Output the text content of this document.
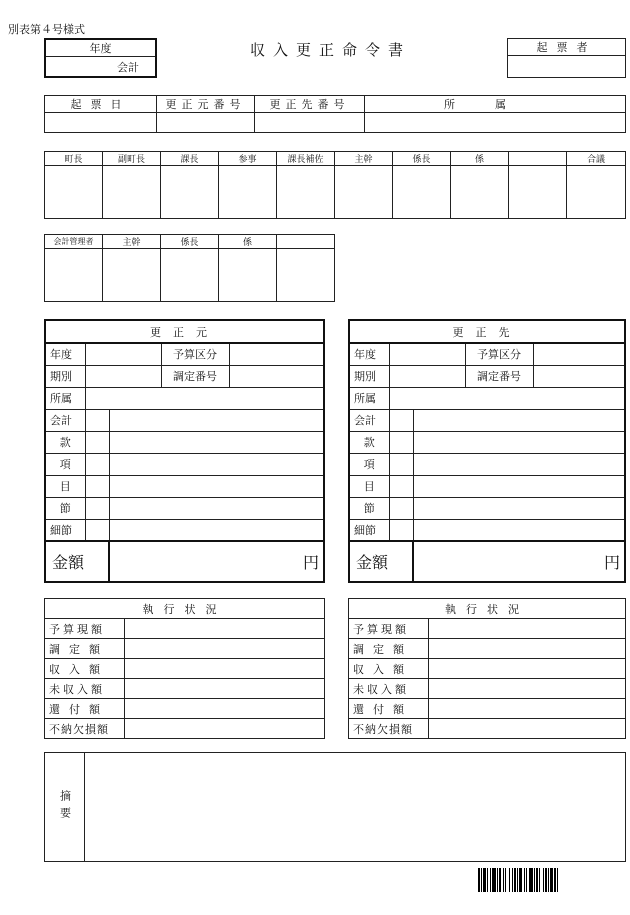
別表第４号様式
年度
会計
収入更正命令書	起票者

起票日	更正元番号	更正先番号	所属

町長	副町長	課長	参事	課長補佐	主幹	係長	係		合議

会計管理者	主幹	係長	係	

更正元				
年度			予算区分	
期別			調定番号	
所属				
会計				
款				
項				
目				
節				
細節				
金額		円		
更正先				
年度			予算区分	
期別			調定番号	
所属				
会計				
款				
項				
目				
節				
細節				
金額		円		
執行状況	
予算現額	
調定額	
収入額	
未収入額	
還付額	
不納欠損額	
執行状況	
予算現額	
調定額	
収入額	
未収入額	
還付額	
不納欠損額	
摘要	
